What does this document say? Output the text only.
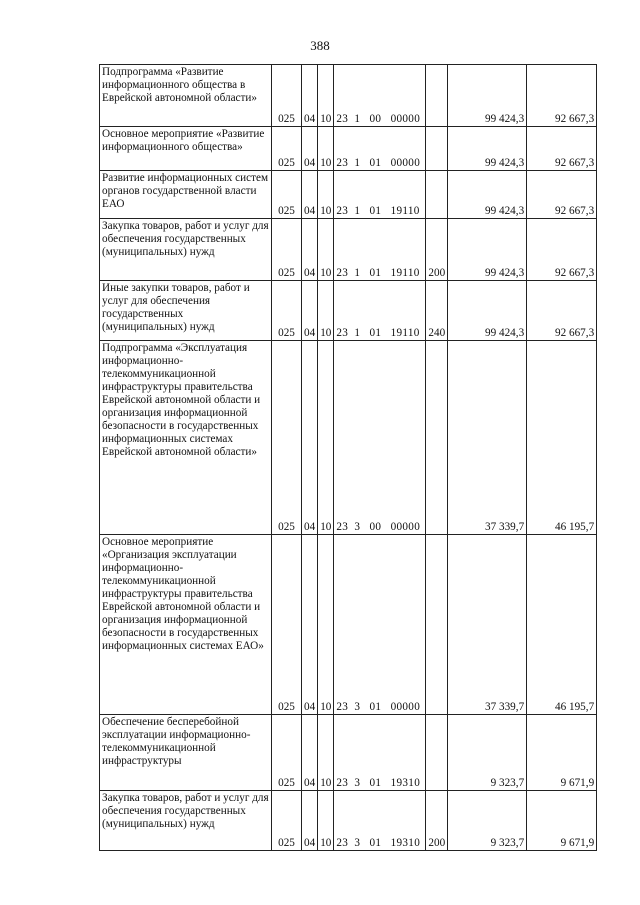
388
Подпрограмма «Развитие информационного общества в Еврейской автономной области»	025	04	10	23  1   00   00000		99 424,3	92 667,3
Основное мероприятие «Развитие информационного общества»	025	04	10	23  1   01   00000		99 424,3	92 667,3
Развитие информационных систем органов государственной власти ЕАО	025	04	10	23  1   01   19110		99 424,3	92 667,3
Закупка товаров, работ и услуг для обеспечения государственных (муниципальных) нужд	025	04	10	23  1   01   19110	200	99 424,3	92 667,3
Иные закупки товаров, работ и услуг для обеспечения государственных (муниципальных) нужд	025	04	10	23  1   01   19110	240	99 424,3	92 667,3
Подпрограмма «Эксплуатация информационно-телекоммуникационной инфраструктуры правительства Еврейской автономной области и организация информационной безопасности в государственных информационных системах Еврейской автономной области»	025	04	10	23  3   00   00000		37 339,7	46 195,7
Основное мероприятие «Организация эксплуатации информационно-телекоммуникационной инфраструктуры правительства Еврейской автономной области и организация информационной безопасности в государственных информационных системах ЕАО»	025	04	10	23  3   01   00000		37 339,7	46 195,7
Обеспечение бесперебойной эксплуатации информационно-телекоммуникационной инфраструктуры	025	04	10	23  3   01   19310		9 323,7	9 671,9
Закупка товаров, работ и услуг для обеспечения государственных (муниципальных) нужд	025	04	10	23  3   01   19310	200	9 323,7	9 671,9
